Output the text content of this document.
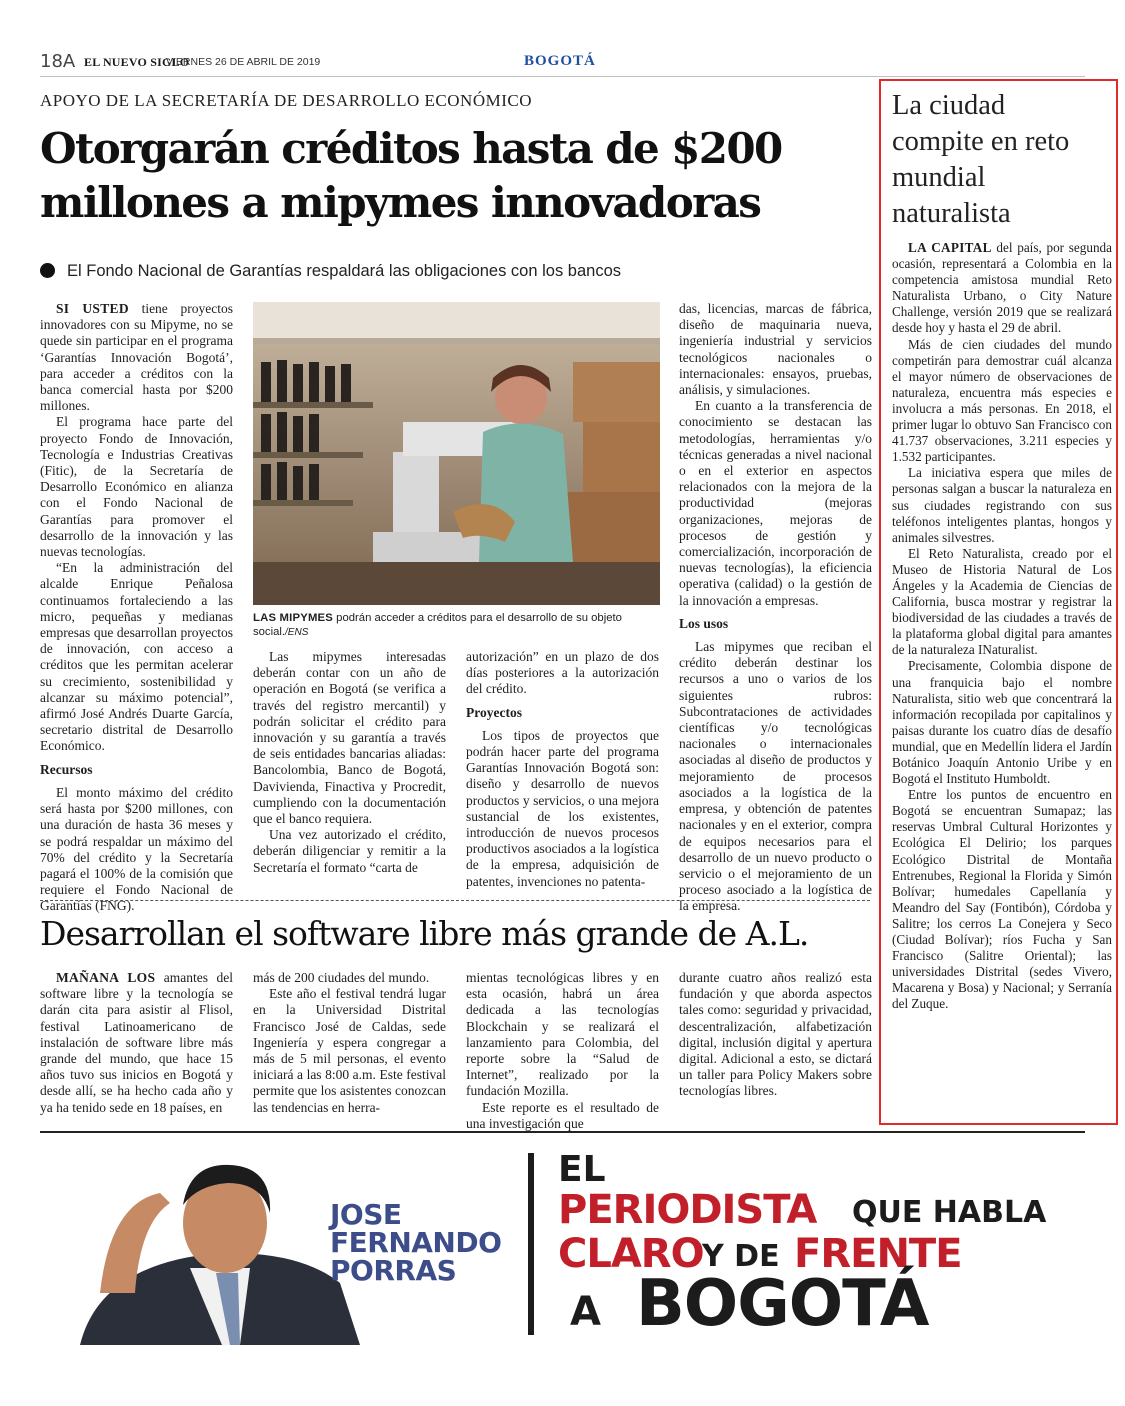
18A EL NUEVO SIGLO
VIERNES 26 DE ABRIL DE 2019	BOGOTÁ
APOYO DE LA SECRETARÍA DE DESARROLLO ECONÓMICO
Otorgarán créditos hasta de $200 millones a mipymes innovadoras
El Fondo Nacional de Garantías respaldará las obligaciones con los bancos

SI USTED tiene proyectos innovadores con su Mipyme, no se quede sin participar en el programa ‘Garantías Innovación Bogotá’, para acceder a créditos con la banca comercial hasta por $200 millones.

El programa hace parte del proyecto Fondo de Innovación, Tecnología e Industrias Creativas (Fitic), de la Secretaría de Desarrollo Económico en alianza con el Fondo Nacional de Garantías para promover el desarrollo de la innovación y las nuevas tecnologías.

“En la administración del alcalde Enrique Peñalosa continuamos fortaleciendo a las micro, pequeñas y medianas empresas que desarrollan proyectos de innovación, con acceso a créditos que les permitan acelerar su crecimiento, sostenibilidad y alcanzar su máximo potencial”, afirmó José Andrés Duarte García, secretario distrital de Desarrollo Económico.

Recursos

El monto máximo del crédito será hasta por $200 millones, con una duración de hasta 36 meses y se podrá respaldar un máximo del 70% del crédito y la Secretaría pagará el 100% de la comisión que requiere el Fondo Nacional de Garantías (FNG).

LAS MIPYMES podrán acceder a créditos para el desarrollo de su objeto social./ENS

Las mipymes interesadas deberán contar con un año de operación en Bogotá (se verifica a través del registro mercantil) y podrán solicitar el crédito para innovación y su garantía a través de seis entidades bancarias aliadas: Bancolombia, Banco de Bogotá, Davivienda, Finactiva y Procredit, cumpliendo con la documentación que el banco requiera.

Una vez autorizado el crédito, deberán diligenciar y remitir a la Secretaría el formato “carta de

autorización” en un plazo de dos días posteriores a la autorización del crédito.

Proyectos

Los tipos de proyectos que podrán hacer parte del programa Garantías Innovación Bogotá son: diseño y desarrollo de nuevos productos y servicios, o una mejora sustancial de los existentes, introducción de nuevos procesos productivos asociados a la logística de la empresa, adquisición de patentes, invenciones no patenta-

das, licencias, marcas de fábrica, diseño de maquinaria nueva, ingeniería industrial y servicios tecnológicos nacionales o internacionales: ensayos, pruebas, análisis, y simulaciones.

En cuanto a la transferencia de conocimiento se destacan las metodologías, herramientas y/o técnicas generadas a nivel nacional o en el exterior en aspectos relacionados con la mejora de la productividad (mejoras organizaciones, mejoras de procesos de gestión y comercialización, incorporación de nuevas tecnologías), la eficiencia operativa (calidad) o la gestión de la innovación a empresas.

Los usos

Las mipymes que reciban el crédito deberán destinar los recursos a uno o varios de los siguientes rubros: Subcontrataciones de actividades científicas y/o tecnológicas nacionales o internacionales asociadas al diseño de productos y mejoramiento de procesos asociados a la logística de la empresa, y obtención de patentes nacionales y en el exterior, compra de equipos necesarios para el desarrollo de un nuevo producto o servicio o el mejoramiento de un proceso asociado a la logística de la empresa.

Desarrollan el software libre más grande de A.L.

MAÑANA LOS amantes del software libre y la tecnología se darán cita para asistir al Flisol, festival Latinoamericano de instalación de software libre más grande del mundo, que hace 15 años tuvo sus inicios en Bogotá y desde allí, se ha hecho cada año y ya ha tenido sede en 18 países, en

más de 200 ciudades del mundo.

Este año el festival tendrá lugar en la Universidad Distrital Francisco José de Caldas, sede Ingeniería y espera congregar a más de 5 mil personas, el evento iniciará a las 8:00 a.m. Este festival permite que los asistentes conozcan las tendencias en herra-

mientas tecnológicas libres y en esta ocasión, habrá un área dedicada a las tecnologías Blockchain y se realizará el lanzamiento para Colombia, del reporte sobre la “Salud de Internet”, realizado por la fundación Mozilla.

Este reporte es el resultado de una investigación que

durante cuatro años realizó esta fundación y que aborda aspectos tales como: seguridad y privacidad, descentralización, alfabetización digital, inclusión digital y apertura digital. Adicional a esto, se dictará un taller para Policy Makers sobre tecnologías libres.

La ciudad compite en reto mundial naturalista

LA CAPITAL del país, por segunda ocasión, representará a Colombia en la competencia amistosa mundial Reto Naturalista Urbano, o City Nature Challenge, versión 2019 que se realizará desde hoy y hasta el 29 de abril.

Más de cien ciudades del mundo competirán para demostrar cuál alcanza el mayor número de observaciones de naturaleza, encuentra más especies e involucra a más personas. En 2018, el primer lugar lo obtuvo San Francisco con 41.737 observaciones, 3.211 especies y 1.532 participantes.

La iniciativa espera que miles de personas salgan a buscar la naturaleza en sus ciudades registrando con sus teléfonos inteligentes plantas, hongos y animales silvestres.

El Reto Naturalista, creado por el Museo de Historia Natural de Los Ángeles y la Academia de Ciencias de California, busca mostrar y registrar la biodiversidad de las ciudades a través de la plataforma global digital para amantes de la naturaleza INaturalist.

Precisamente, Colombia dispone de una franquicia bajo el nombre Naturalista, sitio web que concentrará la información recopilada por capitalinos y paisas durante los cuatro días de desafío mundial, que en Medellín lidera el Jardín Botánico Joaquín Antonio Uribe y en Bogotá el Instituto Humboldt.

Entre los puntos de encuentro en Bogotá se encuentran Sumapaz; las reservas Umbral Cultural Horizontes y Ecológica El Delirio; los parques Ecológico Distrital de Montaña Entrenubes, Regional la Florida y Simón Bolívar; humedales Capellanía y Meandro del Say (Fontibón), Córdoba y Salitre; los cerros La Conejera y Seco (Ciudad Bolívar); ríos Fucha y San Francisco (Salitre Oriental); las universidades Distrital (sedes Vivero, Macarena y Bosa) y Nacional; y Serranía del Zuque.

JOSE
FERNANDO
PORRAS
EL
PERIODISTA QUE HABLA
CLARO
Y DE FRENTE
A BOGOTÁ
